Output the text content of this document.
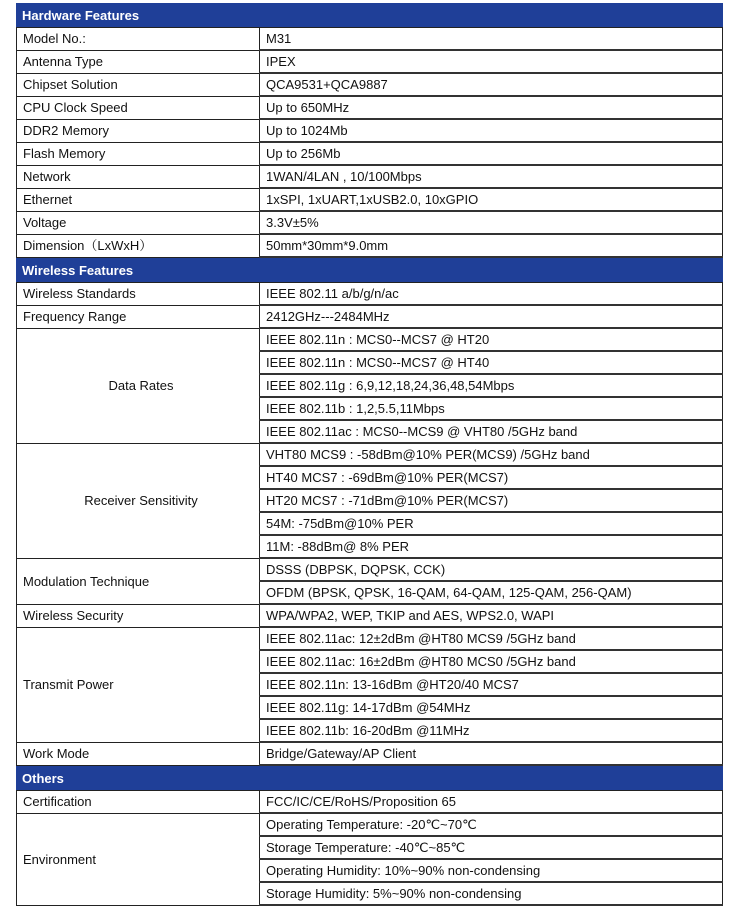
Hardware Features
Model No.:	M31
Antenna Type	IPEX
Chipset Solution	QCA9531+QCA9887
CPU Clock Speed	Up to 650MHz
DDR2 Memory	Up to 1024Mb
Flash Memory	Up to 256Mb
Network	1WAN/4LAN , 10/100Mbps
Ethernet	1xSPI, 1xUART,1xUSB2.0, 10xGPIO
Voltage	3.3V±5%
Dimension（LxWxH）	50mm*30mm*9.0mm
Wireless Features
Wireless Standards	IEEE 802.11 a/b/g/n/ac
Frequency Range	2412GHz---2484MHz
Data Rates	IEEE 802.11n : MCS0--MCS7 @ HT20
	IEEE 802.11n : MCS0--MCS7 @ HT40
	IEEE 802.11g : 6,9,12,18,24,36,48,54Mbps
	IEEE 802.11b : 1,2,5.5,11Mbps
	IEEE 802.11ac : MCS0--MCS9 @ VHT80 /5GHz band
Receiver Sensitivity	VHT80 MCS9 : -58dBm@10% PER(MCS9) /5GHz band
	HT40 MCS7 : -69dBm@10% PER(MCS7)
	HT20 MCS7 : -71dBm@10% PER(MCS7)
	54M: -75dBm@10% PER
	11M: -88dBm@ 8% PER
Modulation Technique	DSSS (DBPSK, DQPSK, CCK)
	OFDM (BPSK, QPSK, 16-QAM, 64-QAM, 125-QAM, 256-QAM)
Wireless Security	WPA/WPA2, WEP, TKIP and AES, WPS2.0, WAPI
Transmit Power	IEEE 802.11ac: 12±2dBm @HT80 MCS9 /5GHz band
	IEEE 802.11ac: 16±2dBm @HT80 MCS0 /5GHz band
	IEEE 802.11n: 13-16dBm @HT20/40 MCS7
	IEEE 802.11g: 14-17dBm @54MHz
	IEEE 802.11b: 16-20dBm @11MHz
Work Mode	Bridge/Gateway/AP Client
Others
Certification	FCC/IC/CE/RoHS/Proposition 65
Environment	Operating Temperature: -20℃~70℃
	Storage Temperature: -40℃~85℃
	Operating Humidity: 10%~90% non-condensing
	Storage Humidity: 5%~90% non-condensing
